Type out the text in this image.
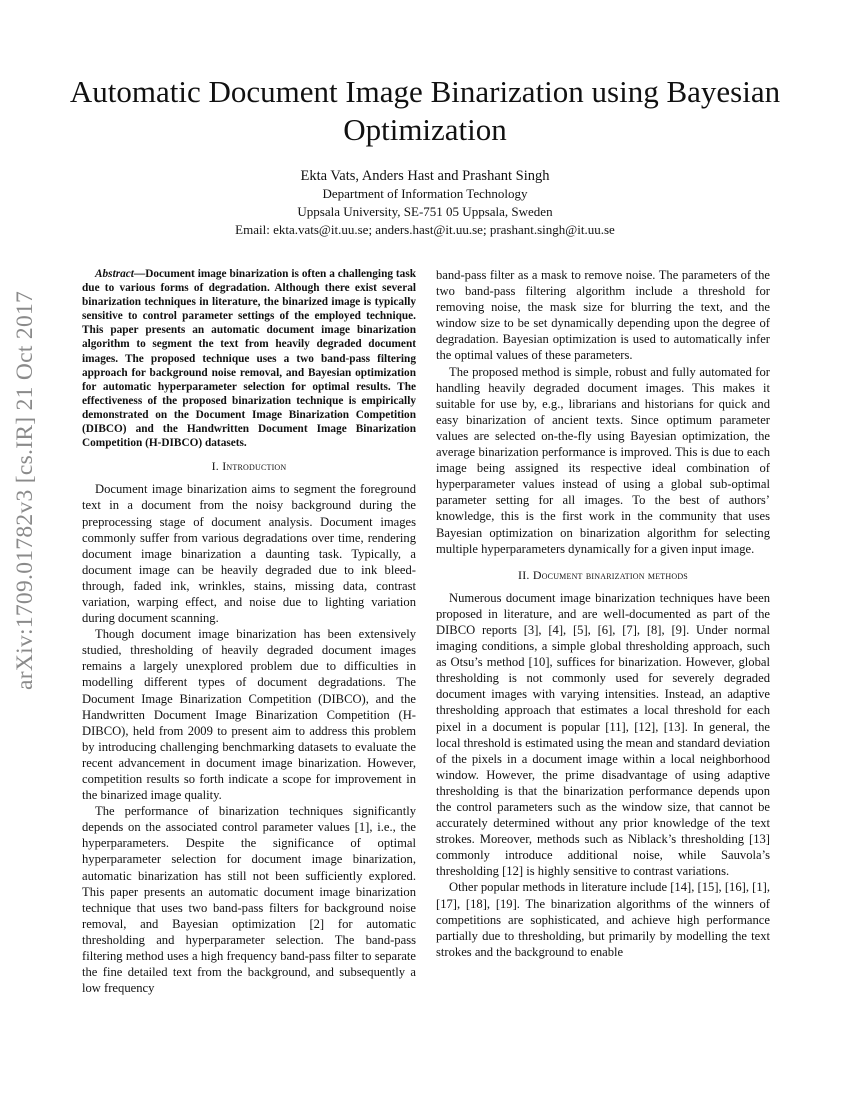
arXiv:1709.01782v3 [cs.IR] 21 Oct 2017
Automatic Document Image Binarization using Bayesian Optimization
Ekta Vats, Anders Hast and Prashant Singh
Department of Information Technology
Uppsala University, SE-751 05 Uppsala, Sweden
Email: ekta.vats@it.uu.se; anders.hast@it.uu.se; prashant.singh@it.uu.se

Abstract—Document image binarization is often a challenging task due to various forms of degradation. Although there exist several binarization techniques in literature, the binarized image is typically sensitive to control parameter settings of the employed technique. This paper presents an automatic document image binarization algorithm to segment the text from heavily degraded document images. The proposed technique uses a two band-pass filtering approach for background noise removal, and Bayesian optimization for automatic hyperparameter selection for optimal results. The effectiveness of the proposed binarization technique is empirically demonstrated on the Document Image Binarization Competition (DIBCO) and the Handwritten Document Image Binarization Competition (H-DIBCO) datasets.

I. Introduction

Document image binarization aims to segment the foreground text in a document from the noisy background during the preprocessing stage of document analysis. Document images commonly suffer from various degradations over time, rendering document image binarization a daunting task. Typically, a document image can be heavily degraded due to ink bleed-through, faded ink, wrinkles, stains, missing data, contrast variation, warping effect, and noise due to lighting variation during document scanning.

Though document image binarization has been extensively studied, thresholding of heavily degraded document images remains a largely unexplored problem due to difficulties in modelling different types of document degradations. The Document Image Binarization Competition (DIBCO), and the Handwritten Document Image Binarization Competition (H-DIBCO), held from 2009 to present aim to address this problem by introducing challenging benchmarking datasets to evaluate the recent advancement in document image binarization. However, competition results so forth indicate a scope for improvement in the binarized image quality.

The performance of binarization techniques significantly depends on the associated control parameter values [1], i.e., the hyperparameters. Despite the significance of optimal hyperparameter selection for document image binarization, automatic binarization has still not been sufficiently explored. This paper presents an automatic document image binarization technique that uses two band-pass filters for background noise removal, and Bayesian optimization [2] for automatic thresholding and hyperparameter selection. The band-pass filtering method uses a high frequency band-pass filter to separate the fine detailed text from the background, and subsequently a low frequency

band-pass filter as a mask to remove noise. The parameters of the two band-pass filtering algorithm include a threshold for removing noise, the mask size for blurring the text, and the window size to be set dynamically depending upon the degree of degradation. Bayesian optimization is used to automatically infer the optimal values of these parameters.

The proposed method is simple, robust and fully automated for handling heavily degraded document images. This makes it suitable for use by, e.g., librarians and historians for quick and easy binarization of ancient texts. Since optimum parameter values are selected on-the-fly using Bayesian optimization, the average binarization performance is improved. This is due to each image being assigned its respective ideal combination of hyperparameter values instead of using a global sub-optimal parameter setting for all images. To the best of authors’ knowledge, this is the first work in the community that uses Bayesian optimization on binarization algorithm for selecting multiple hyperparameters dynamically for a given input image.

II. Document binarization methods

Numerous document image binarization techniques have been proposed in literature, and are well-documented as part of the DIBCO reports [3], [4], [5], [6], [7], [8], [9]. Under normal imaging conditions, a simple global thresholding approach, such as Otsu’s method [10], suffices for binarization. However, global thresholding is not commonly used for severely degraded document images with varying intensities. Instead, an adaptive thresholding approach that estimates a local threshold for each pixel in a document is popular [11], [12], [13]. In general, the local threshold is estimated using the mean and standard deviation of the pixels in a document image within a local neighborhood window. However, the prime disadvantage of using adaptive thresholding is that the binarization performance depends upon the control parameters such as the window size, that cannot be accurately determined without any prior knowledge of the text strokes. Moreover, methods such as Niblack’s thresholding [13] commonly introduce additional noise, while Sauvola’s thresholding [12] is highly sensitive to contrast variations.

Other popular methods in literature include [14], [15], [16], [1], [17], [18], [19]. The binarization algorithms of the winners of competitions are sophisticated, and achieve high performance partially due to thresholding, but primarily by modelling the text strokes and the background to enable
